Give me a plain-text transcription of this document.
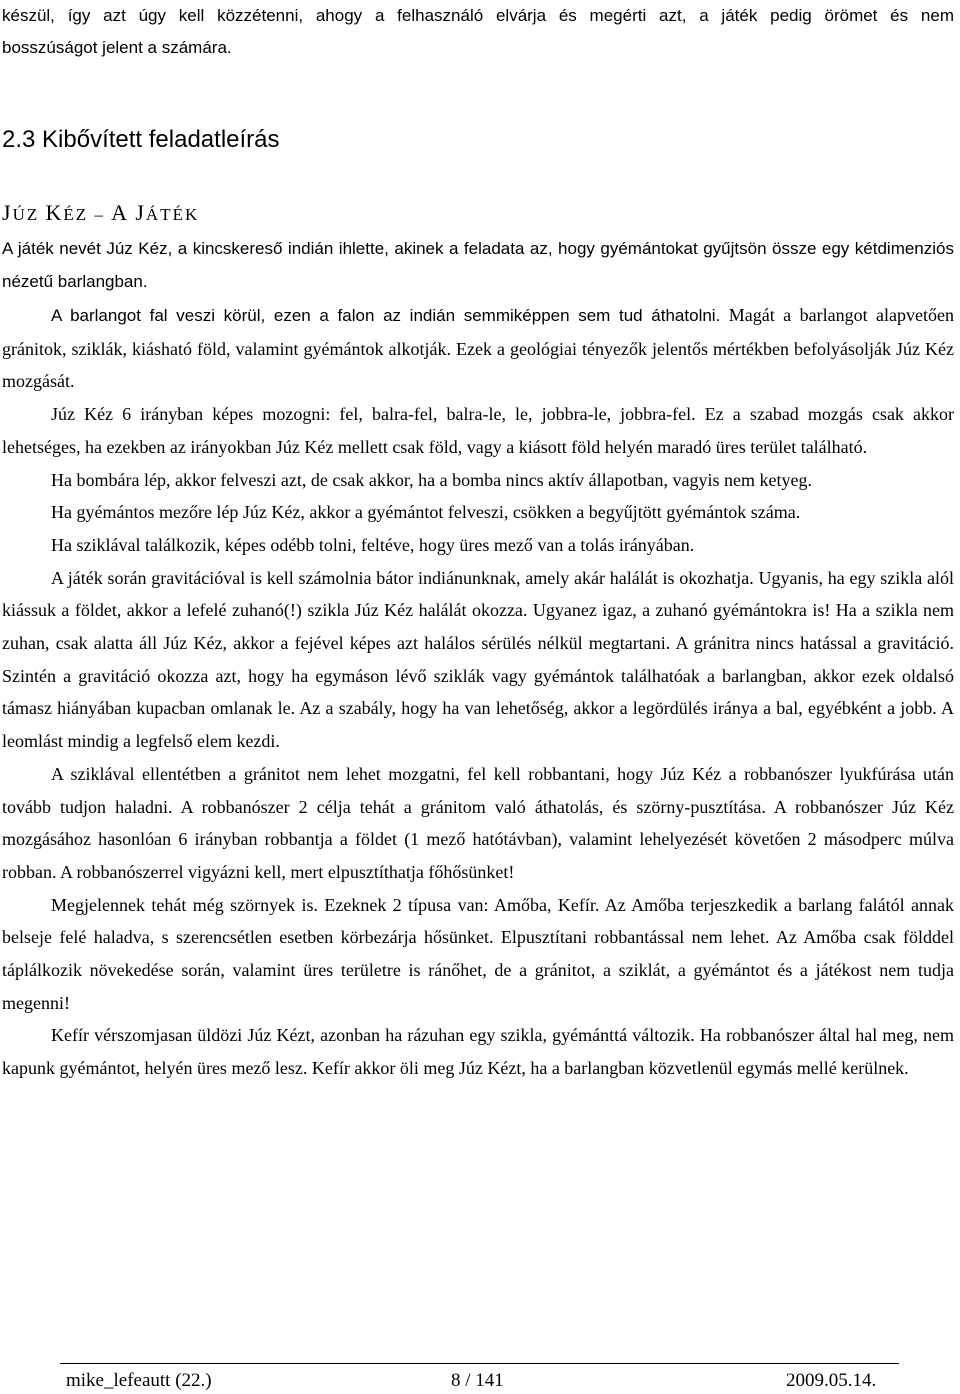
készül, így azt úgy kell közzétenni, ahogy a felhasználó elvárja és megérti azt, a játék pedig örömet és nem
bosszúságot jelent a számára.
2.3 Kibővített feladatleírás
JÚZ KÉZ – A JÁTÉK

A játék nevét Júz Kéz, a kincskereső indián ihlette, akinek a feladata az, hogy gyémántokat gyűjtsön össze egy kétdimenziós nézetű barlangban.

A barlangot fal veszi körül, ezen a falon az indián semmiképpen sem tud áthatolni. Magát a barlangot alapvetően gránitok, sziklák, kiásható föld, valamint gyémántok alkotják. Ezek a geológiai tényezők jelentős mértékben befolyásolják Júz Kéz mozgását.

Júz Kéz 6 irányban képes mozogni: fel, balra-fel, balra-le, le, jobbra-le, jobbra-fel. Ez a szabad mozgás csak akkor lehetséges, ha ezekben az irányokban Júz Kéz mellett csak föld, vagy a kiásott föld helyén maradó üres terület található.

Ha bombára lép, akkor felveszi azt, de csak akkor, ha a bomba nincs aktív állapotban, vagyis nem ketyeg.

Ha gyémántos mezőre lép Júz Kéz, akkor a gyémántot felveszi, csökken a begyűjtött gyémántok száma.

Ha sziklával találkozik, képes odébb tolni, feltéve, hogy üres mező van a tolás irányában.

A játék során gravitációval is kell számolnia bátor indiánunknak, amely akár halálát is okozhatja. Ugyanis, ha egy szikla alól kiássuk a földet, akkor a lefelé zuhanó(!) szikla Júz Kéz halálát okozza. Ugyanez igaz, a zuhanó gyémántokra is! Ha a szikla nem zuhan, csak alatta áll Júz Kéz, akkor a fejével képes azt halálos sérülés nélkül megtartani. A gránitra nincs hatással a gravitáció. Szintén a gravitáció okozza azt, hogy ha egymáson lévő sziklák vagy gyémántok találhatóak a barlangban, akkor ezek oldalsó támasz hiányában kupacban omlanak le. Az a szabály, hogy ha van lehetőség, akkor a legördülés iránya a bal, egyébként a jobb. A leomlást mindig a legfelső elem kezdi.

A sziklával ellentétben a gránitot nem lehet mozgatni, fel kell robbantani, hogy Júz Kéz a robbanószer lyukfúrása után tovább tudjon haladni. A robbanószer 2 célja tehát a gránitom való áthatolás, és szörny-pusztítása. A robbanószer Júz Kéz mozgásához hasonlóan 6 irányban robbantja a földet (1 mező hatótávban), valamint lehelyezését követően 2 másodperc múlva robban. A robbanószerrel vigyázni kell, mert elpusztíthatja főhősünket!

Megjelennek tehát még szörnyek is. Ezeknek 2 típusa van: Amőba, Kefír. Az Amőba terjeszkedik a barlang falától annak belseje felé haladva, s szerencsétlen esetben körbezárja hősünket. Elpusztítani robbantással nem lehet. Az Amőba csak földdel táplálkozik növekedése során, valamint üres területre is ránőhet, de a gránitot, a sziklát, a gyémántot és a játékost nem tudja megenni!

Kefír vérszomjasan üldözi Júz Kézt, azonban ha rázuhan egy szikla, gyémánttá változik. Ha robbanószer által hal meg, nem kapunk gyémántot, helyén üres mező lesz. Kefír akkor öli meg Júz Kézt, ha a barlangban közvetlenül egymás mellé kerülnek.

mike_lefeautt (22.)	8 / 141	2009.05.14.
